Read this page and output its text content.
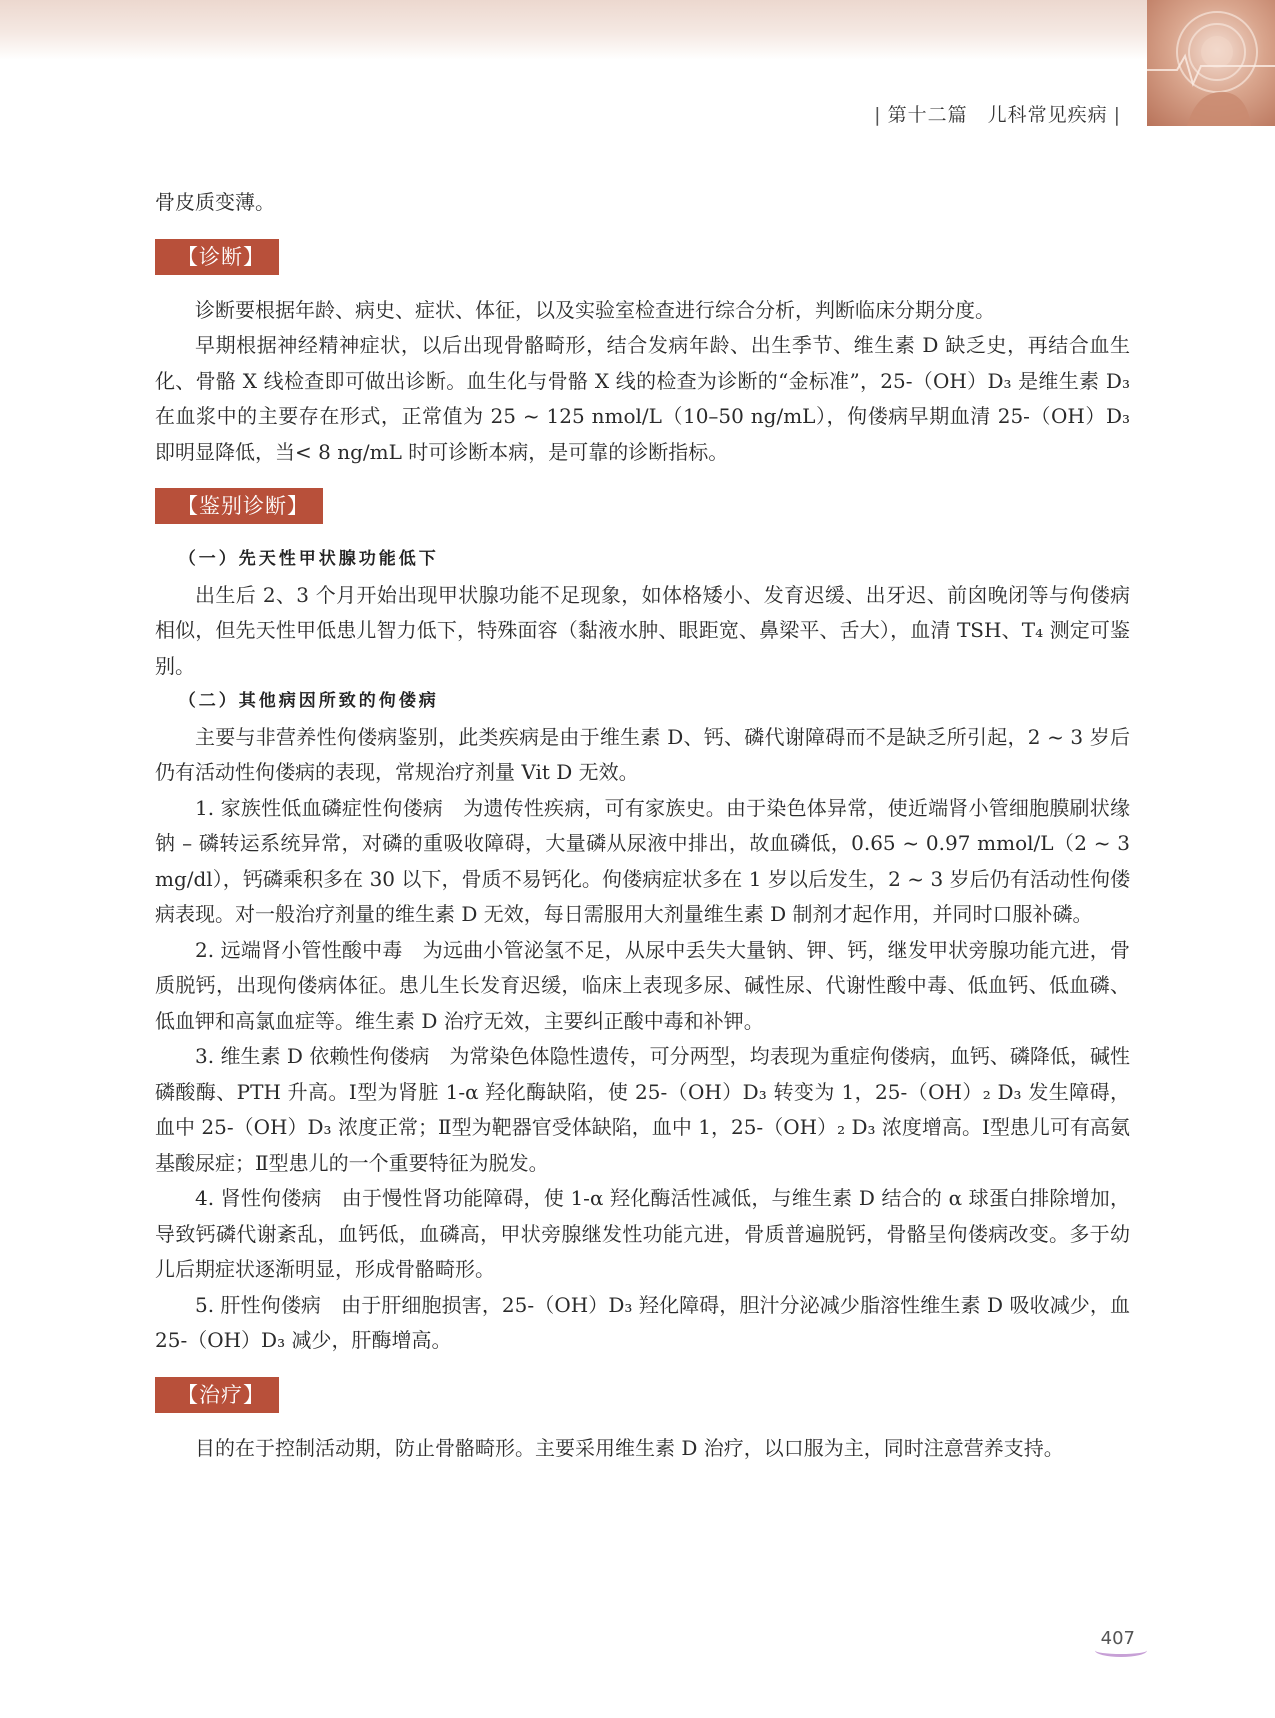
| 第十二篇　儿科常见疾病 |

骨皮质变薄。

【诊断】

诊断要根据年龄、病史、症状、体征，以及实验室检查进行综合分析，判断临床分期分度。

早期根据神经精神症状，以后出现骨骼畸形，结合发病年龄、出生季节、维生素 D 缺乏史，再结合血生化、骨骼 X 线检查即可做出诊断。血生化与骨骼 X 线的检查为诊断的“金标准”，25-（OH）D₃ 是维生素 D₃ 在血浆中的主要存在形式，正常值为 25 ~ 125 nmol/L（10–50 ng/mL），佝偻病早期血清 25-（OH）D₃ 即明显降低，当< 8 ng/mL 时可诊断本病，是可靠的诊断指标。

【鉴别诊断】

（一）先天性甲状腺功能低下

出生后 2、3 个月开始出现甲状腺功能不足现象，如体格矮小、发育迟缓、出牙迟、前囟晚闭等与佝偻病相似，但先天性甲低患儿智力低下，特殊面容（黏液水肿、眼距宽、鼻梁平、舌大），血清 TSH、T₄ 测定可鉴别。

（二）其他病因所致的佝偻病

主要与非营养性佝偻病鉴别，此类疾病是由于维生素 D、钙、磷代谢障碍而不是缺乏所引起，2 ~ 3 岁后仍有活动性佝偻病的表现，常规治疗剂量 Vit D 无效。

1. 家族性低血磷症性佝偻病　为遗传性疾病，可有家族史。由于染色体异常，使近端肾小管细胞膜刷状缘钠 – 磷转运系统异常，对磷的重吸收障碍，大量磷从尿液中排出，故血磷低，0.65 ~ 0.97 mmol/L（2 ~ 3 mg/dl），钙磷乘积多在 30 以下，骨质不易钙化。佝偻病症状多在 1 岁以后发生，2 ~ 3 岁后仍有活动性佝偻病表现。对一般治疗剂量的维生素 D 无效，每日需服用大剂量维生素 D 制剂才起作用，并同时口服补磷。

2. 远端肾小管性酸中毒　为远曲小管泌氢不足，从尿中丢失大量钠、钾、钙，继发甲状旁腺功能亢进，骨质脱钙，出现佝偻病体征。患儿生长发育迟缓，临床上表现多尿、碱性尿、代谢性酸中毒、低血钙、低血磷、低血钾和高氯血症等。维生素 D 治疗无效，主要纠正酸中毒和补钾。

3. 维生素 D 依赖性佝偻病　为常染色体隐性遗传，可分两型，均表现为重症佝偻病，血钙、磷降低，碱性磷酸酶、PTH 升高。Ⅰ型为肾脏 1-α 羟化酶缺陷，使 25-（OH）D₃ 转变为 1，25-（OH）₂ D₃ 发生障碍，血中 25-（OH）D₃ 浓度正常；Ⅱ型为靶器官受体缺陷，血中 1，25-（OH）₂ D₃ 浓度增高。Ⅰ型患儿可有高氨基酸尿症；Ⅱ型患儿的一个重要特征为脱发。

4. 肾性佝偻病　由于慢性肾功能障碍，使 1-α 羟化酶活性减低，与维生素 D 结合的 α 球蛋白排除增加，导致钙磷代谢紊乱，血钙低，血磷高，甲状旁腺继发性功能亢进，骨质普遍脱钙，骨骼呈佝偻病改变。多于幼儿后期症状逐渐明显，形成骨骼畸形。

5. 肝性佝偻病　由于肝细胞损害，25-（OH）D₃ 羟化障碍，胆汁分泌减少脂溶性维生素 D 吸收减少，血 25-（OH）D₃ 减少，肝酶增高。

【治疗】

目的在于控制活动期，防止骨骼畸形。主要采用维生素 D 治疗，以口服为主，同时注意营养支持。

407
